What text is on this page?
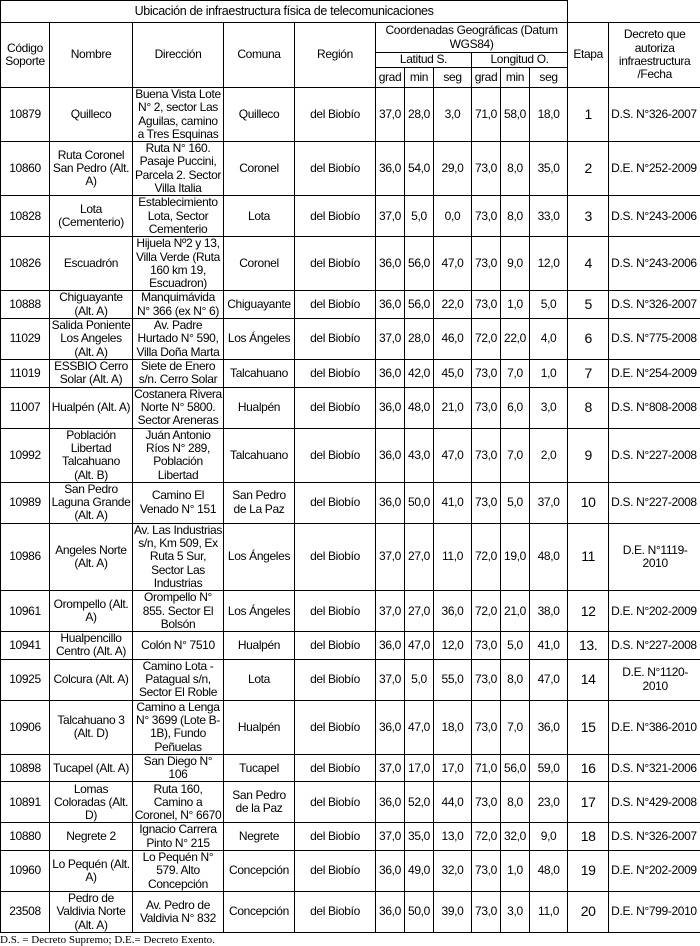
Ubicación de infraestructura física de telecomunicaciones												
Código Soporte	Nombre	Dirección	Comuna	Región	Coordenadas Geográficas (Datum WGS84)						Etapa	Decreto que autoriza infraestructura /Fecha
					Latitud S.			Longitud O.				
					grad	min	seg	grad	min	seg		
10879	Quilleco	Buena Vista Lote N° 2, sector Las Aguilas, camino a Tres Esquinas	Quilleco	del Biobío	37,0	28,0	3,0	71,0	58,0	18,0	1	D.S. N°326-2007
10860	Ruta Coronel San Pedro (Alt. A)	Ruta N° 160. Pasaje Puccini, Parcela 2. Sector Villa Italia	Coronel	del Biobío	36,0	54,0	29,0	73,0	8,0	35,0	2	D.E. N°252-2009
10828	Lota (Cementerio)	Establecimiento Lota, Sector Cementerio	Lota	del Biobío	37,0	5,0	0,0	73,0	8,0	33,0	3	D.S. N°243-2006
10826	Escuadrón	Hijuela Nº2 y 13, Villa Verde (Ruta 160 km 19, Escuadron)	Coronel	del Biobío	36,0	56,0	47,0	73,0	9,0	12,0	4	D.S. N°243-2006
10888	Chiguayante (Alt. A)	Manquimávida N° 366 (ex N° 6)	Chiguayante	del Biobío	36,0	56,0	22,0	73,0	1,0	5,0	5	D.S. N°326-2007
11029	Salida Poniente Los Angeles (Alt. A)	Av. Padre Hurtado N° 590, Villa Doña Marta	Los Ángeles	del Biobío	37,0	28,0	46,0	72,0	22,0	4,0	6	D.S. N°775-2008
11019	ESSBIO Cerro Solar (Alt. A)	Siete de Enero s/n. Cerro Solar	Talcahuano	del Biobío	36,0	42,0	45,0	73,0	7,0	1,0	7	D.E. N°254-2009
11007	Hualpén (Alt. A)	Costanera Rivera Norte N° 5800. Sector Areneras	Hualpén	del Biobío	36,0	48,0	21,0	73,0	6,0	3,0	8	D.S. N°808-2008
10992	Población Libertad Talcahuano (Alt. B)	Juán Antonio Ríos N° 289, Población Libertad	Talcahuano	del Biobío	36,0	43,0	47,0	73,0	7,0	2,0	9	D.S. N°227-2008
10989	San Pedro Laguna Grande (Alt. A)	Camino El Venado N° 151	San Pedro de La Paz	del Biobío	36,0	50,0	41,0	73,0	5,0	37,0	10	D.S. N°227-2008
10986	Angeles Norte (Alt. A)	Av. Las Industrias s/n, Km 509, Ex Ruta 5 Sur, Sector Las Industrias	Los Ángeles	del Biobío	37,0	27,0	11,0	72,0	19,0	48,0	11	D.E. N°1119-2010
10961	Orompello (Alt. A)	Orompello N° 855. Sector El Bolsón	Los Ángeles	del Biobío	37,0	27,0	36,0	72,0	21,0	38,0	12	D.E. N°202-2009
10941	Hualpencillo Centro (Alt. A)	Colón N° 7510	Hualpén	del Biobío	36,0	47,0	12,0	73,0	5,0	41,0	13.	D.S. N°227-2008
10925	Colcura (Alt. A)	Camino Lota - Patagual s/n, Sector El Roble	Lota	del Biobío	37,0	5,0	55,0	73,0	8,0	47,0	14	D.E. N°1120-2010
10906	Talcahuano 3 (Alt. D)	Camino a Lenga N° 3699 (Lote B-1B), Fundo Peñuelas	Hualpén	del Biobío	36,0	47,0	18,0	73,0	7,0	36,0	15	D.E. N°386-2010
10898	Tucapel (Alt. A)	San Diego N° 106	Tucapel	del Biobío	37,0	17,0	17,0	71,0	56,0	59,0	16	D.S. N°321-2006
10891	Lomas Coloradas (Alt. D)	Ruta 160, Camino a Coronel, N° 6670	San Pedro de la Paz	del Biobío	36,0	52,0	44,0	73,0	8,0	23,0	17	D.S. N°429-2008
10880	Negrete 2	Ignacio Carrera Pinto N° 215	Negrete	del Biobío	37,0	35,0	13,0	72,0	32,0	9,0	18	D.S. N°326-2007
10960	Lo Pequén (Alt. A)	Lo Pequén N° 579. Alto Concepción	Concepción	del Biobío	36,0	49,0	32,0	73,0	1,0	48,0	19	D.E. N°202-2009
23508	Pedro de Valdivia Norte (Alt. A)	Av. Pedro de Valdivia N° 832	Concepción	del Biobío	36,0	50,0	39,0	73,0	3,0	11,0	20	D.E. N°799-2010
D.S. = Decreto Supremo; D.E.= Decreto Exento.
